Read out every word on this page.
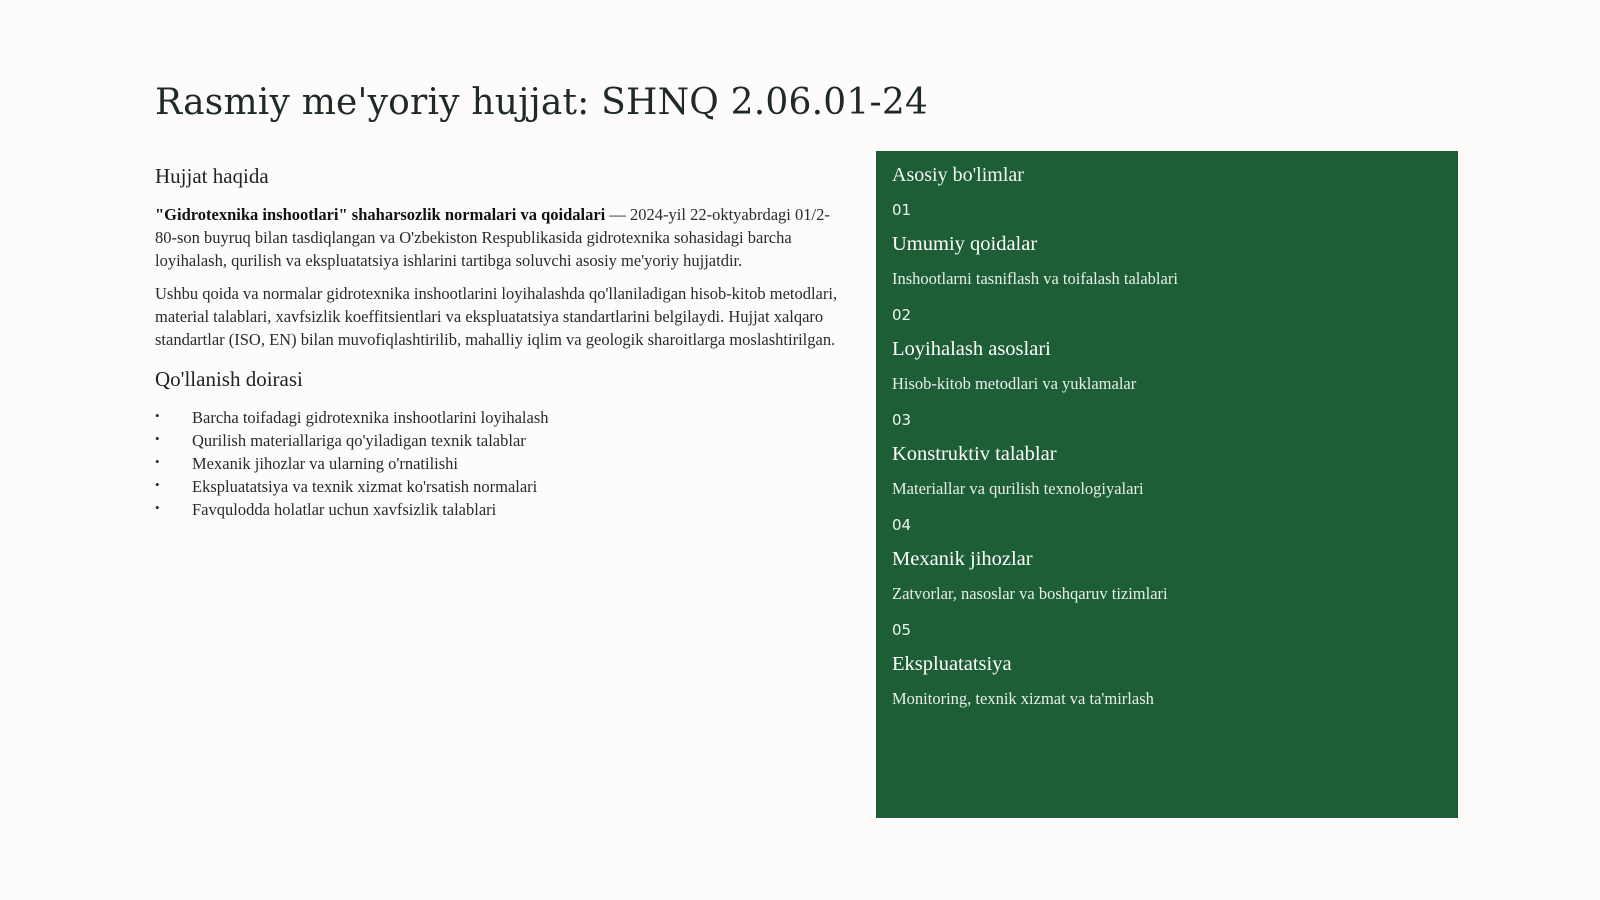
Rasmiy me'yoriy hujjat: SHNQ 2.06.01-24
Hujjat haqida

"Gidrotexnika inshootlari" shaharsozlik normalari va qoidalari — 2024-yil 22-oktyabrdagi 01/2-80-son buyruq bilan tasdiqlangan va O'zbekiston Respublikasida gidrotexnika sohasidagi barcha loyihalash, qurilish va ekspluatatsiya ishlarini tartibga soluvchi asosiy me'yoriy hujjatdir.

Ushbu qoida va normalar gidrotexnika inshootlarini loyihalashda qo'llaniladigan hisob-kitob metodlari, material talablari, xavfsizlik koeffitsientlari va ekspluatatsiya standartlarini belgilaydi. Hujjat xalqaro standartlar (ISO, EN) bilan muvofiqlashtirilib, mahalliy iqlim va geologik sharoitlarga moslashtirilgan.

Qo'llanish doirasi
• Barcha toifadagi gidrotexnika inshootlarini loyihalash
• Qurilish materiallariga qo'yiladigan texnik talablar
• Mexanik jihozlar va ularning o'rnatilishi
• Ekspluatatsiya va texnik xizmat ko'rsatish normalari
• Favqulodda holatlar uchun xavfsizlik talablari
Asosiy bo'limlar
01
Umumiy qoidalar
Inshootlarni tasniflash va toifalash talablari
02
Loyihalash asoslari
Hisob-kitob metodlari va yuklamalar
03
Konstruktiv talablar
Materiallar va qurilish texnologiyalari
04
Mexanik jihozlar
Zatvorlar, nasoslar va boshqaruv tizimlari
05
Ekspluatatsiya
Monitoring, texnik xizmat va ta'mirlash
